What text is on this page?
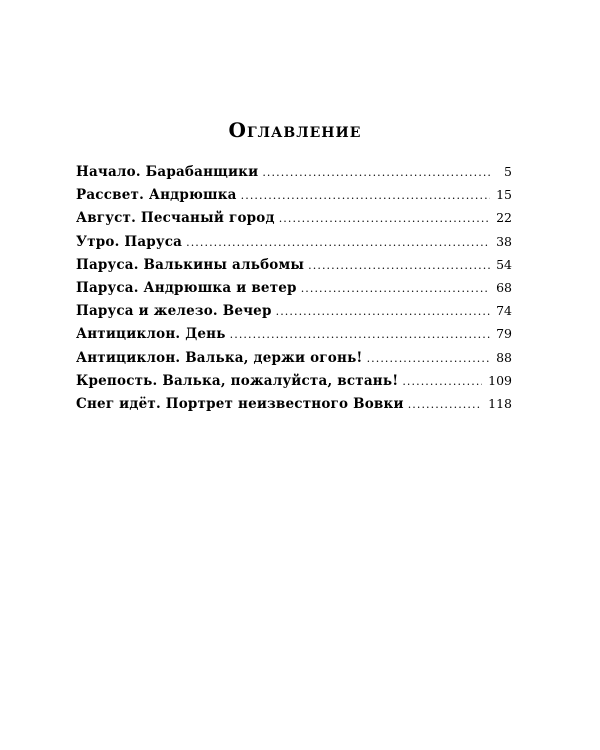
Оглавление
Начало. Барабанщики . . .	5
Рассвет. Андрюшка . . .	15
Август. Песчаный город . . .	22
Утро. Паруса . . .	38
Паруса. Валькины альбомы . . .	54
Паруса. Андрюшка и ветер . . .	68
Паруса и железо. Вечер . . .	74
Антициклон. День . . .	79
Антициклон. Валька, держи огонь! . . .	88
Крепость. Валька, пожалуйста, встань! . . .	109
Снег идёт. Портрет неизвестного Вовки . . .	118
